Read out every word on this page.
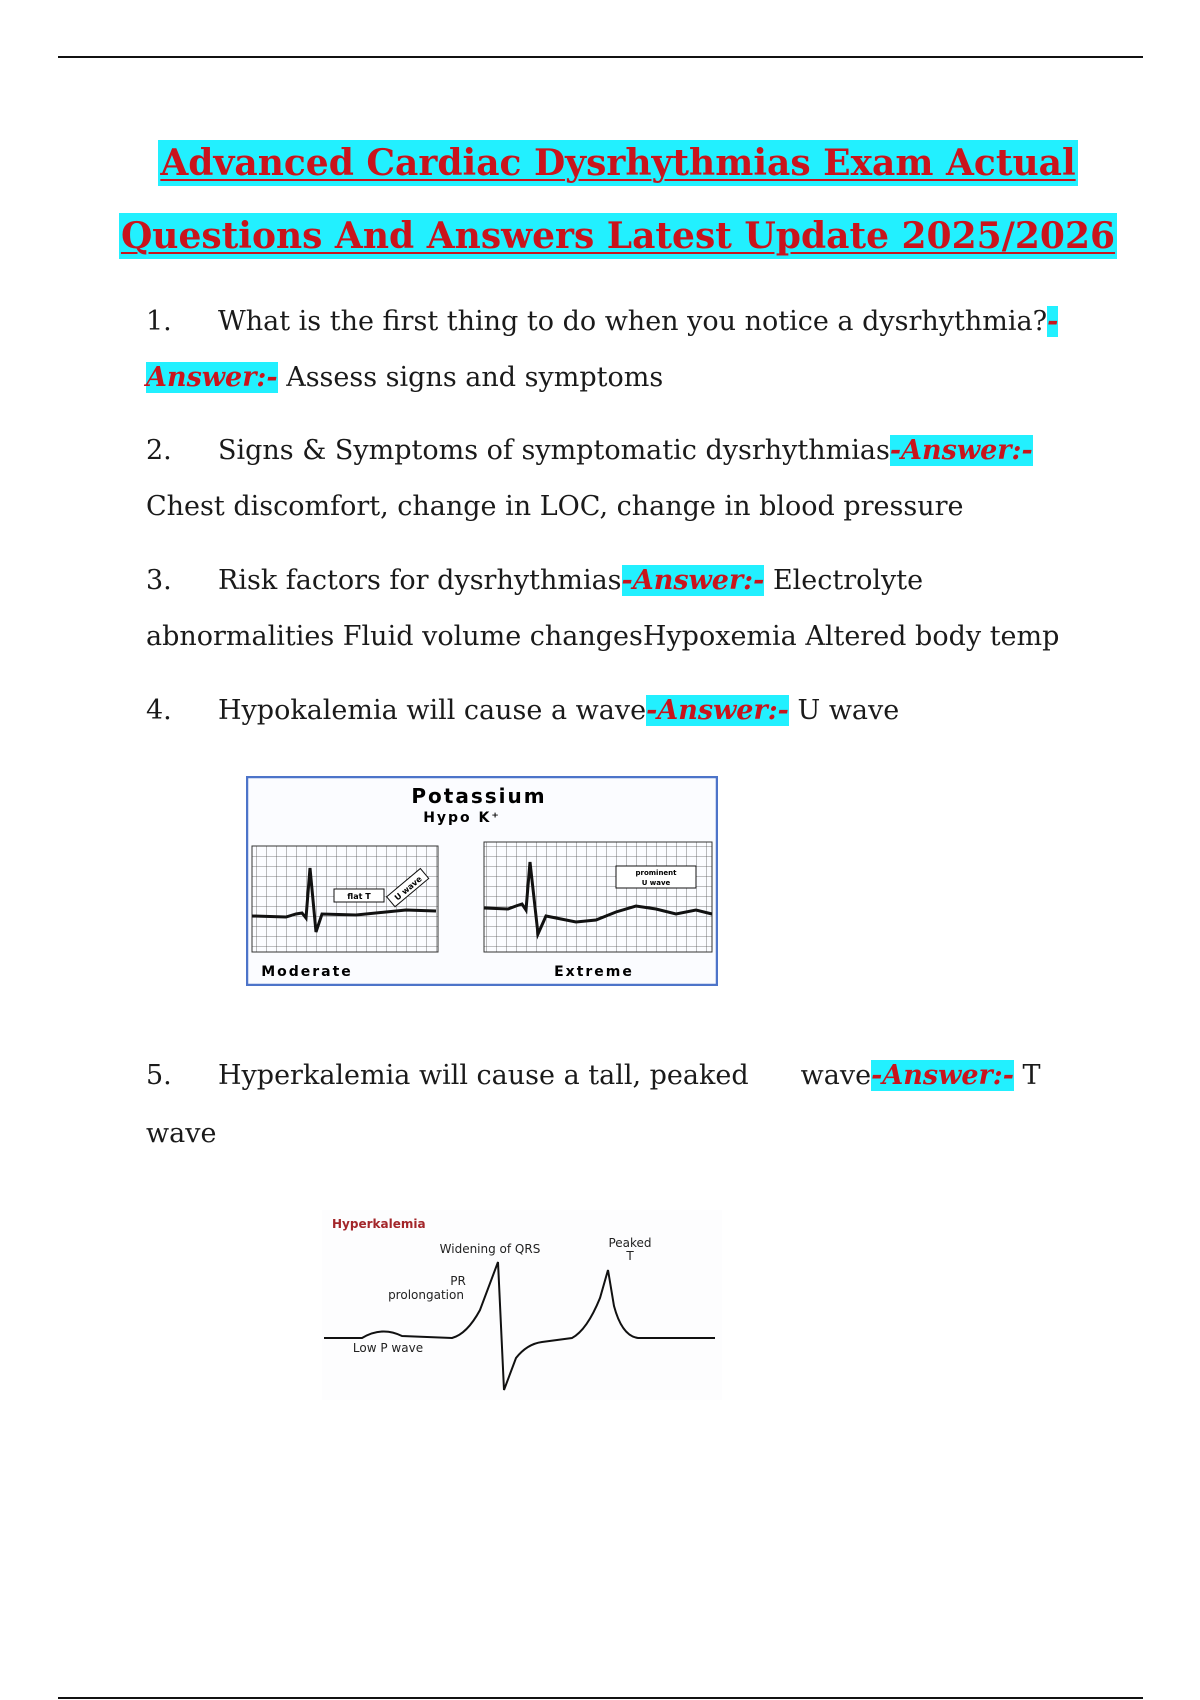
Advanced Cardiac Dysrhythmias Exam Actual
Questions And Answers Latest Update 2025/2026
1. What is the first thing to do when you notice a dysrhythmia?-Answer:- Assess signs and symptoms
2. Signs & Symptoms of symptomatic dysrhythmias-Answer:- Chest discomfort, change in LOC, change in blood pressure
3. Risk factors for dysrhythmias-Answer:- Electrolyte abnormalities Fluid volume changesHypoxemia Altered body temp
4. Hypokalemia will cause a wave-Answer:- U wave
Potassium
Hypo K⁺
flat T	U wave
prominent
U wave
Moderate	Extreme
5. Hyperkalemia will cause a tall, peaked wave-Answer:- T wave
Hyperkalemia
Widening of QRS	Peaked
T
PR
prolongation
Low P wave
